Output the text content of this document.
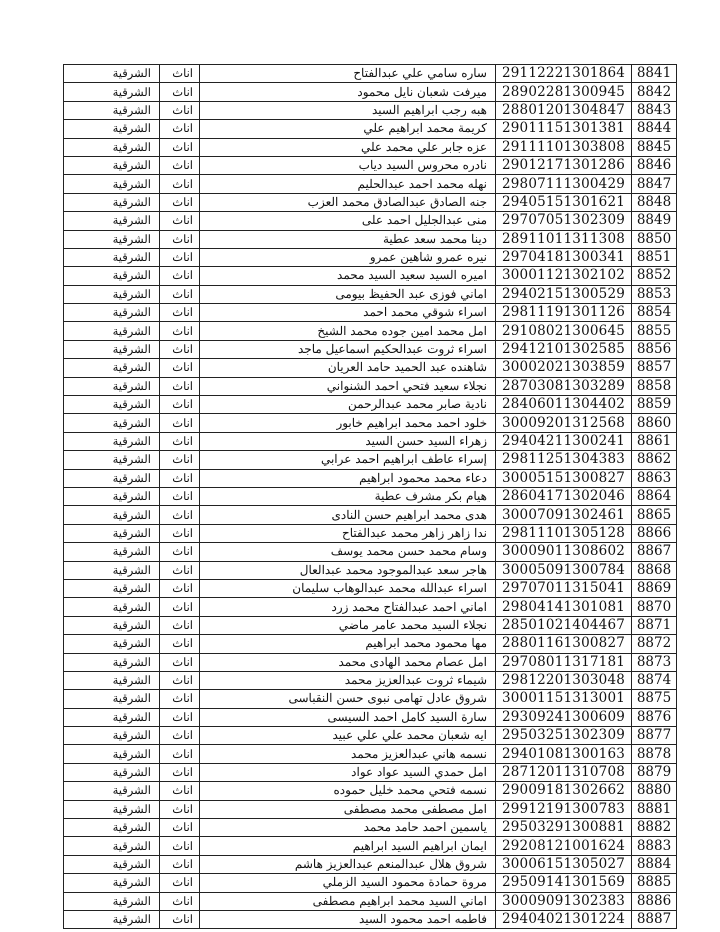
الشرقية	اناث	ساره سامي علي عبدالفتاح	29112221301864	8841
الشرقية	اناث	ميرفت شعبان نايل محمود	28902281300945	8842
الشرقية	اناث	هبه رجب ابراهيم السيد	28801201304847	8843
الشرقية	اناث	كريمة محمد ابراهيم علي	29011151301381	8844
الشرقية	اناث	عزه جابر علي محمد علي	29111101303808	8845
الشرقية	اناث	نادره محروس السيد دياب	29012171301286	8846
الشرقية	اناث	نهله محمد احمد عبدالحليم	29807111300429	8847
الشرقية	اناث	جنه الصادق عبدالصادق محمد العزب	29405151301621	8848
الشرقية	اناث	منى عبدالجليل احمد على	29707051302309	8849
الشرقية	اناث	دينا محمد سعد عطية	28911011311308	8850
الشرقية	اناث	نيره عمرو شاهين عمرو	29704181300341	8851
الشرقية	اناث	اميره السيد سعيد السيد محمد	30001121302102	8852
الشرقية	اناث	اماني فوزى عبد الحفيظ بيومى	29402151300529	8853
الشرقية	اناث	اسراء شوقي محمد احمد	29811191301126	8854
الشرقية	اناث	امل محمد امين جوده محمد الشيخ	29108021300645	8855
الشرقية	اناث	اسراء ثروت عبدالحكيم اسماعيل ماجد	29412101302585	8856
الشرقية	اناث	شاهنده عبد الحميد حامد العريان	30002021303859	8857
الشرقية	اناث	نجلاء سعيد فتحي احمد الشنواني	28703081303289	8858
الشرقية	اناث	نادية صابر محمد عبدالرحمن	28406011304402	8859
الشرقية	اناث	خلود احمد محمد ابراهيم خابور	30009201312568	8860
الشرقية	اناث	زهراء السيد حسن السيد	29404211300241	8861
الشرقية	اناث	إسراء عاطف ابراهيم احمد عرابي	29811251304383	8862
الشرقية	اناث	دعاء محمد محمود ابراهيم	30005151300827	8863
الشرقية	اناث	هيام بكر مشرف عطية	28604171302046	8864
الشرقية	اناث	هدى محمد ابراهيم حسن النادى	30007091302461	8865
الشرقية	اناث	ندا زاهر زاهر محمد عبدالفتاح	29811101305128	8866
الشرقية	اناث	وسام محمد حسن محمد يوسف	30009011308602	8867
الشرقية	اناث	هاجر سعد عبدالموجود محمد عبدالعال	30005091300784	8868
الشرقية	اناث	اسراء عبدالله محمد عبدالوهاب سليمان	29707011315041	8869
الشرقية	اناث	اماني احمد عبدالفتاح محمد زرد	29804141301081	8870
الشرقية	اناث	نجلاء السيد محمد عامر ماضي	28501021404467	8871
الشرقية	اناث	مها محمود محمد ابراهيم	28801161300827	8872
الشرقية	اناث	امل عصام محمد الهادى محمد	29708011317181	8873
الشرقية	اناث	شيماء ثروت عبدالعزيز محمد	29812201303048	8874
الشرقية	اناث	شروق عادل تهامى نبوى حسن النقباسى	30001151313001	8875
الشرقية	اناث	سارة السيد كامل احمد السيسى	29309241300609	8876
الشرقية	اناث	ايه شعبان محمد علي علي عبيد	29503251302309	8877
الشرقية	اناث	نسمه هاني عبدالعزيز محمد	29401081300163	8878
الشرقية	اناث	امل حمدي السيد عواد عواد	28712011310708	8879
الشرقية	اناث	نسمه فتحي محمد خليل حموده	29009181302662	8880
الشرقية	اناث	امل مصطفى محمد مصطفى	29912191300783	8881
الشرقية	اناث	ياسمين احمد حامد محمد	29503291300881	8882
الشرقية	اناث	ايمان ابراهيم السيد ابراهيم	29208121001624	8883
الشرقية	اناث	شروق هلال عبدالمنعم عبدالعزيز هاشم	30006151305027	8884
الشرقية	اناث	مروة حمادة محمود السيد الزملي	29509141301569	8885
الشرقية	اناث	اماني السيد محمد ابراهيم مصطفى	30009091302383	8886
الشرقية	اناث	فاطمه احمد محمود السيد	29404021301224	8887
